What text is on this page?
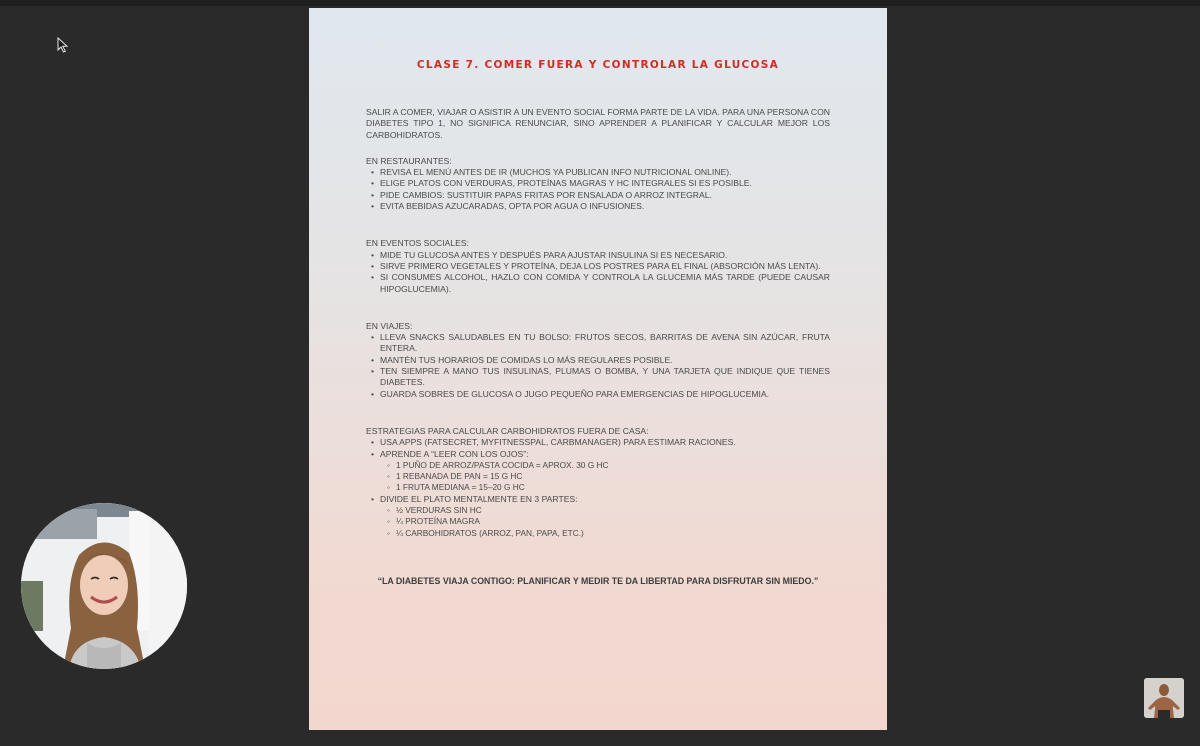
CLASE 7. COMER FUERA Y CONTROLAR LA GLUCOSA

SALIR A COMER, VIAJAR O ASISTIR A UN EVENTO SOCIAL FORMA PARTE DE LA VIDA. PARA UNA PERSONA CON DIABETES TIPO 1, NO SIGNIFICA RENUNCIAR, SINO APRENDER A PLANIFICAR Y CALCULAR MEJOR LOS CARBOHIDRATOS.

EN RESTAURANTES:

• REVISA EL MENÚ ANTES DE IR (MUCHOS YA PUBLICAN INFO NUTRICIONAL ONLINE).
• ELIGE PLATOS CON VERDURAS, PROTEÍNAS MAGRAS Y HC INTEGRALES SI ES POSIBLE.
• PIDE CAMBIOS: SUSTITUIR PAPAS FRITAS POR ENSALADA O ARROZ INTEGRAL.
• EVITA BEBIDAS AZUCARADAS, OPTA POR AGUA O INFUSIONES.

EN EVENTOS SOCIALES:

• MIDE TU GLUCOSA ANTES Y DESPUÉS PARA AJUSTAR INSULINA SI ES NECESARIO.
• SIRVE PRIMERO VEGETALES Y PROTEÍNA, DEJA LOS POSTRES PARA EL FINAL (ABSORCIÓN MÁS LENTA).
• SI CONSUMES ALCOHOL, HAZLO CON COMIDA Y CONTROLA LA GLUCEMIA MÁS TARDE (PUEDE CAUSAR HIPOGLUCEMIA).

EN VIAJES:

• LLEVA SNACKS SALUDABLES EN TU BOLSO: FRUTOS SECOS, BARRITAS DE AVENA SIN AZÚCAR, FRUTA ENTERA.
• MANTÉN TUS HORARIOS DE COMIDAS LO MÁS REGULARES POSIBLE.
• TEN SIEMPRE A MANO TUS INSULINAS, PLUMAS O BOMBA, Y UNA TARJETA QUE INDIQUE QUE TIENES DIABETES.
• GUARDA SOBRES DE GLUCOSA O JUGO PEQUEÑO PARA EMERGENCIAS DE HIPOGLUCEMIA.

ESTRATEGIAS PARA CALCULAR CARBOHIDRATOS FUERA DE CASA:

• USA APPS (FATSECRET, MYFITNESSPAL, CARBMANAGER) PARA ESTIMAR RACIONES.
• APRENDE A “LEER CON LOS OJOS”:
◦ 1 PUÑO DE ARROZ/PASTA COCIDA = APROX. 30 G HC
◦ 1 REBANADA DE PAN = 15 G HC
◦ 1 FRUTA MEDIANA = 15–20 G HC
• DIVIDE EL PLATO MENTALMENTE EN 3 PARTES:
◦ ½ VERDURAS SIN HC
◦ ¼ PROTEÍNA MAGRA
◦ ¼ CARBOHIDRATOS (ARROZ, PAN, PAPA, ETC.)

“LA DIABETES VIAJA CONTIGO: PLANIFICAR Y MEDIR TE DA LIBERTAD PARA DISFRUTAR SIN MIEDO.”
